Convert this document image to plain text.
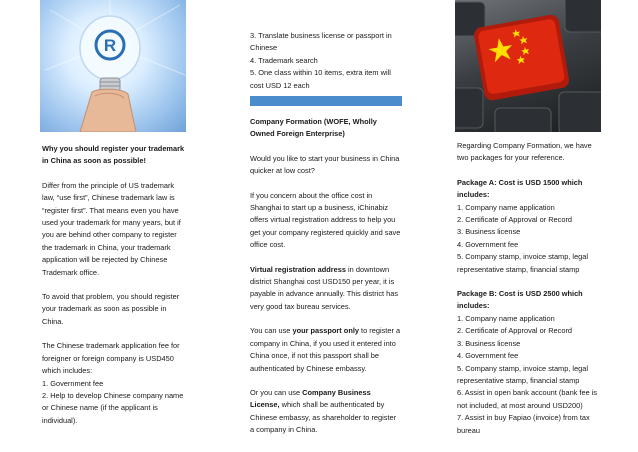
R

Why you should register your trademark in China as soon as possible!

Differ from the principle of US trademark law, “use first”, Chinese trademark law is “register first”. That means even you have used your trademark for many years, but if you are behind other company to register the trademark in China, your trademark application will be rejected by Chinese Trademark office.

To avoid that problem, you should register your trademark as soon as possible in China.

The Chinese trademark application fee for foreigner or foreign company is USD450 which includes:

1. Government fee

2. Help to develop Chinese company name or Chinese name (if the applicant is individual).

3. Translate business license or passport in Chinese

4. Trademark search

5. One class within 10 items, extra item will cost USD 12 each

Company Formation (WOFE, Wholly Owned Foreign Enterprise)

Would you like to start your business in China quicker at low cost?

If you concern about the office cost in Shanghai to start up a business, iChinabiz offers virtual registration address to help you get your company registered quickly and save office cost.

Virtual registration address in downtown district Shanghai cost USD150 per year, it is payable in advance annually. This district has very good tax bureau services.

You can use your passport only to register a company in China, if you used it entered into China once, if not this passport shall be authenticated by Chinese embassy.

Or you can use Company Business License, which shall be authenticated by Chinese embassy, as shareholder to register a company in China.

Regarding Company Formation, we have two packages for your reference.

Package A: Cost is USD 1500 which includes:

1. Company name application
2. Certificate of Approval or Record
3. Business license
4. Government fee
5. Company stamp, invoice stamp, legal representative stamp, financial stamp

Package B: Cost is USD 2500 which includes:

1. Company name application
2. Certificate of Approval or Record
3. Business license
4. Government fee
5. Company stamp, invoice stamp, legal representative stamp, financial stamp
6. Assist in open bank account (bank fee is not included, at most around USD200)
7. Assist in buy Fapiao (invoice) from tax bureau
